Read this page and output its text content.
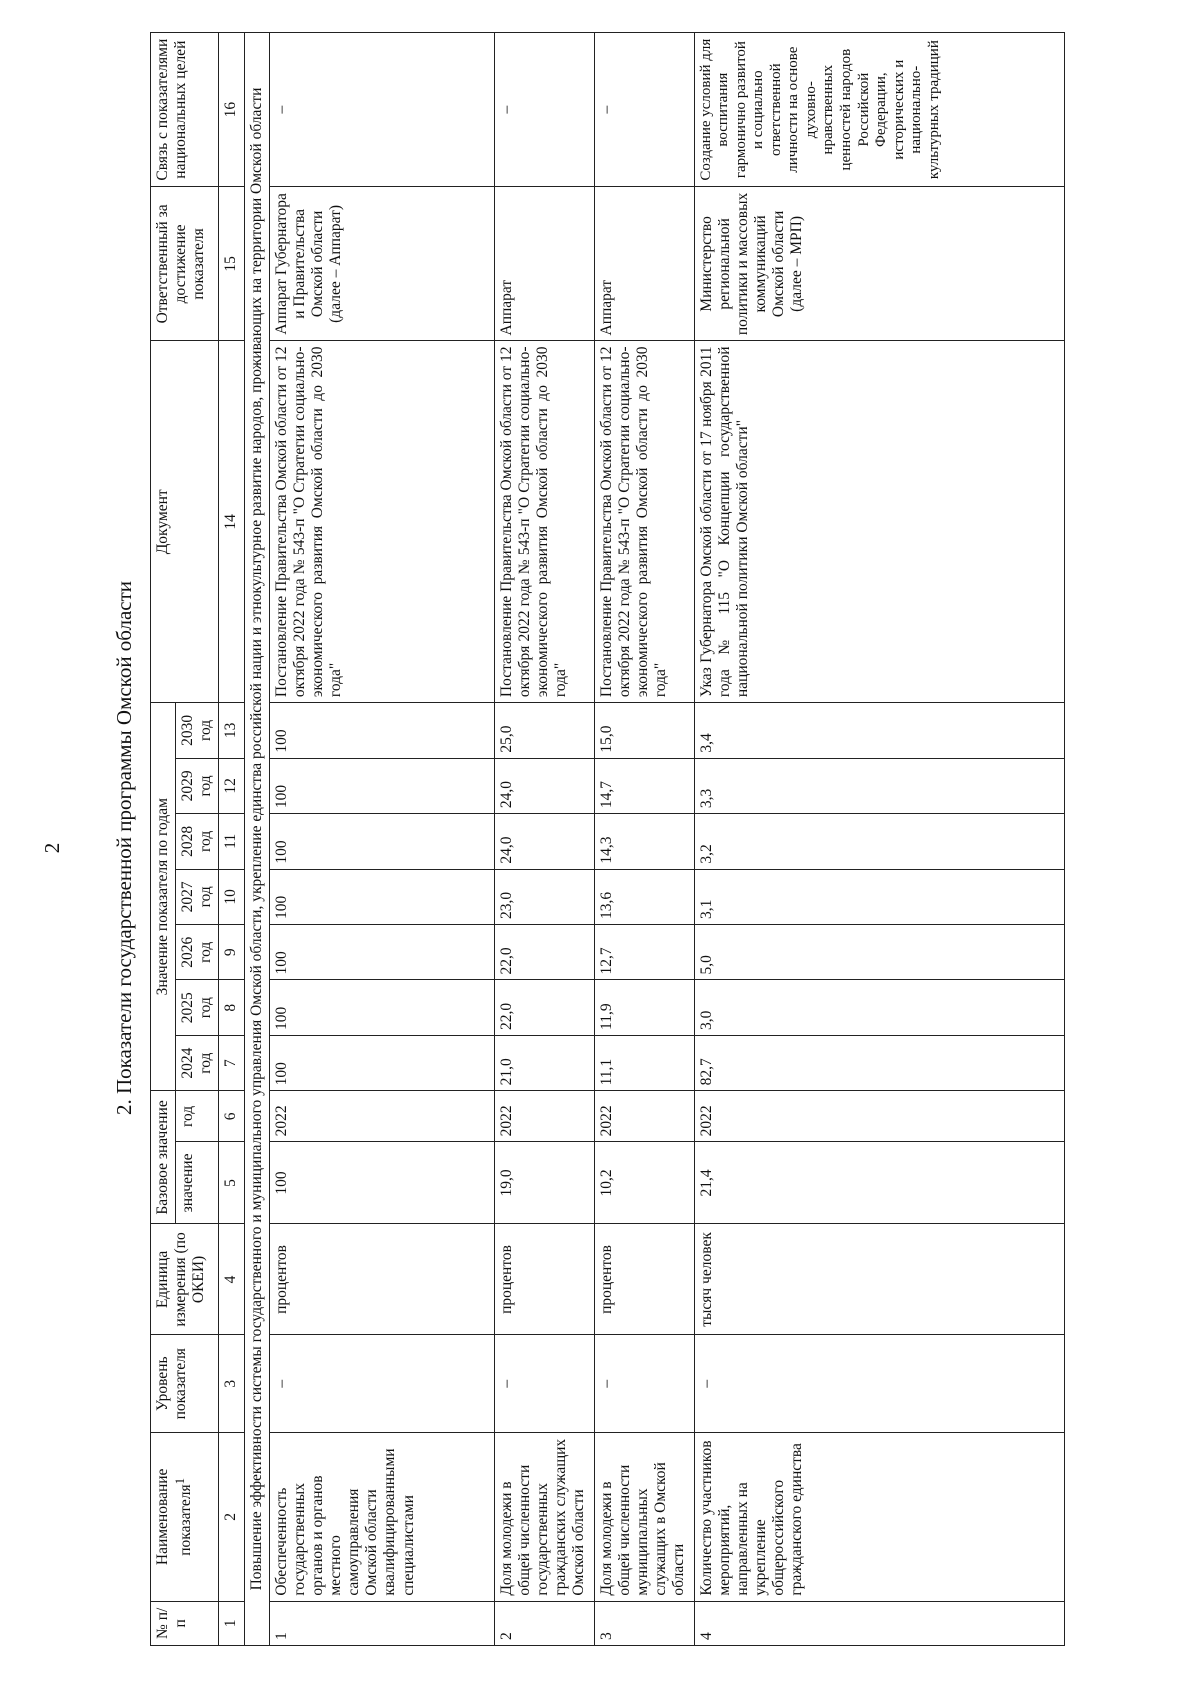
2 2. Показатели государственной программы Омской области
№ п/п	Наименование показателя$^1$	Уровень показателя	Единица измерения (по ОКЕИ)	Базовое значение		Значение показателя по годам							Документ	Ответственный за достижение показателя	Связь с показателями национальных целей
				значение	год	2024 год	2025 год	2026 год	2027 год	2028 год	2029 год	2030 год			
1	2	3	4	5	6	7	8	9	10	11	12	13	14	15	16

Повышение эффективности системы государственного и муниципального управления Омской области, укрепление единства российской нации и этнокультурное развитие народов, проживающих на территории Омской области															

1	Обеспеченность государственных органов и органов местного самоуправления Омской области квалифицированными специалистами	–	процентов	100	2022	100	100	100	100	100	100	100	Постановление Правительства Омской области от 12 октября 2022 года № 543-п "О Стратегии социально-экономического развития Омской области до 2030 года"	Аппарат Губернатора и Правительства Омской области (далее – Аппарат)	–
2	Доля молодежи в общей численности государственных гражданских служащих Омской области	–	процентов	19,0	2022	21,0	22,0	22,0	23,0	24,0	24,0	25,0	Постановление Правительства Омской области от 12 октября 2022 года № 543-п "О Стратегии социально-экономического развития Омской области до 2030 года"	Аппарат	–
3	Доля молодежи в общей численности муниципальных служащих в Омской области	–	процентов	10,2	2022	11,1	11,9	12,7	13,6	14,3	14,7	15,0	Постановление Правительства Омской области от 12 октября 2022 года № 543-п "О Стратегии социально-экономического развития Омской области до 2030 года"	Аппарат	–
4	Количество участников мероприятий, направленных на укрепление общероссийского гражданского единства	–	тысяч человек	21,4	2022	82,7	3,0	5,0	3,1	3,2	3,3	3,4	Указ Губернатора Омской области от 17 ноября 2011 года № 115 "О Концепции государственной национальной политики Омской области"	Министерство региональной политики и массовых коммуникаций Омской области (далее – МРП)	Создание условий для воспитания гармонично развитой и социально ответственной личности на основе духовно-нравственных ценностей народов Российской Федерации, исторических и национально-культурных традиций
